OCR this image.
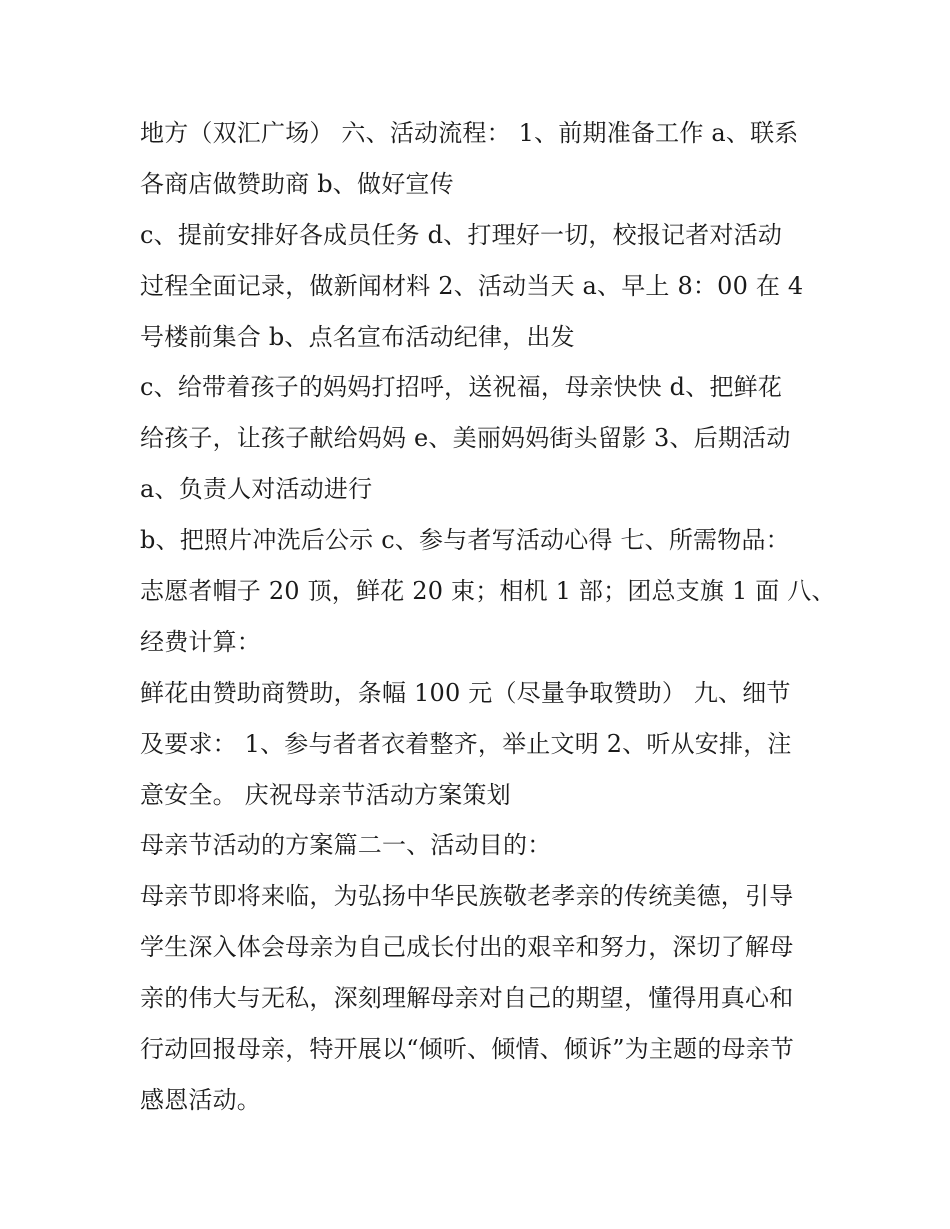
地方（双汇广场） 六、活动流程： 1、前期准备工作 a、联系
各商店做赞助商 b、做好宣传
c、提前安排好各成员任务 d、打理好一切，校报记者对活动
过程全面记录，做新闻材料 2、活动当天 a、早上 8：00 在 4
号楼前集合 b、点名宣布活动纪律，出发
c、给带着孩子的妈妈打招呼，送祝福，母亲快快 d、把鲜花
给孩子，让孩子献给妈妈 e、美丽妈妈街头留影 3、后期活动
a、负责人对活动进行
b、把照片冲洗后公示 c、参与者写活动心得 七、所需物品：
志愿者帽子 20 顶，鲜花 20 束；相机 1 部；团总支旗 1 面 八、
经费计算：
鲜花由赞助商赞助，条幅 100 元（尽量争取赞助） 九、细节
及要求： 1、参与者者衣着整齐，举止文明 2、听从安排，注
意安全。 庆祝母亲节活动方案策划
母亲节活动的方案篇二一、活动目的：
母亲节即将来临，为弘扬中华民族敬老孝亲的传统美德，引导
学生深入体会母亲为自己成长付出的艰辛和努力，深切了解母
亲的伟大与无私，深刻理解母亲对自己的期望，懂得用真心和
行动回报母亲，特开展以“倾听、倾情、倾诉”为主题的母亲节
感恩活动。
